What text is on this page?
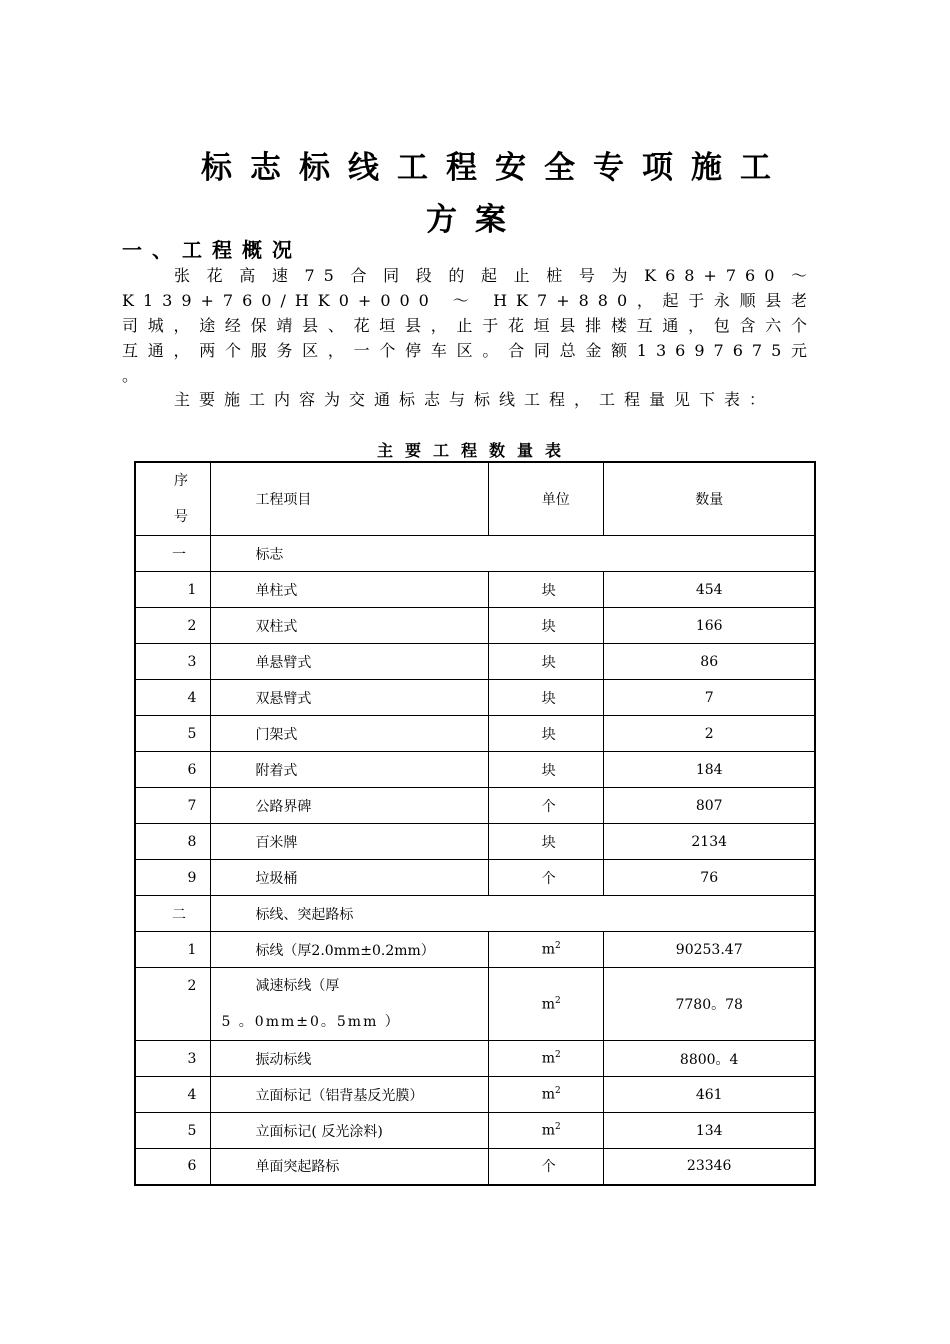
标志标线工程安全专项施工
方案
一、工程概况
张花高速75合同段的起止桩号为K68+760～K139+760/HK0+000 ～ HK7+880，起于永顺县老司城，途经保靖县、花垣县，止于花垣县排楼互通，包含六个互通，两个服务区，一个停车区。合同总金额13697675元 。
主要施工内容为交通标志与标线工程，工程量见下表：
主要工程数量表
序
号	工程项目	单位	数量
一	标志		
1	单柱式	块	454
2	双柱式	块	166
3	单悬臂式	块	86
4	双悬臂式	块	7
5	门架式	块	2
6	附着式	块	184
7	公路界碑	个	807
8	百米牌	块	2134
9	垃圾桶	个	76
二	标线、突起路标		
1	标线（厚2.0mm±0.2mm）	$m^2$	90253.47
2	减速标线（厚
5 。0mm±0。5mm ）	$m^2$	7780。78
3	振动标线	$m^2$	8800。4
4	立面标记（铝背基反光膜）	$m^2$	461
5	立面标记( 反光涂料)	$m^2$	134
6	单面突起路标	个	23346
